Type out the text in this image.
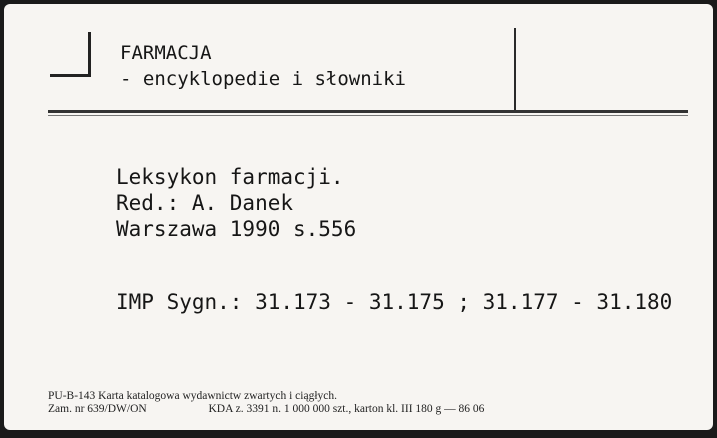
FARMACJA
- encyklopedie i słowniki
Leksykon farmacji.
Red.: A. Danek
Warszawa 1990 s.556
IMP Sygn.: 31.173 - 31.175 ; 31.177 - 31.180
PU-B-143 Karta katalogowa wydawnictw zwartych i ciągłych.
Zam. nr 639/DW/ON	KDA z. 3391 n. 1 000 000 szt., karton kl. III 180 g — 86 06
